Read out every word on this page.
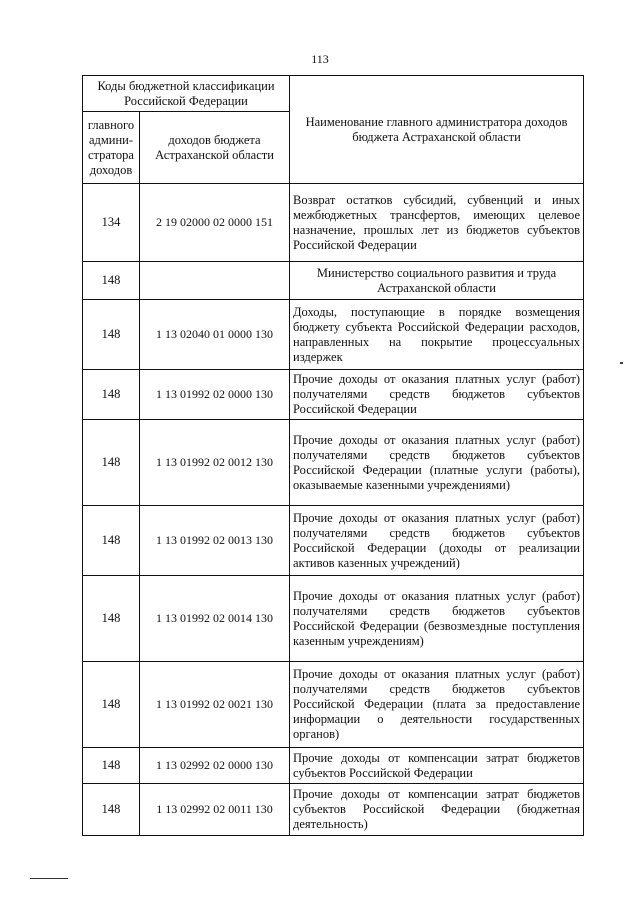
113
Коды бюджетной классификации Российской Федерации		Наименование главного администратора доходов бюджета Астраханской области
главного админи-стратора доходов	доходов бюджета Астраханской области	
134	2 19 02000 02 0000 151	Возврат остатков субсидий, субвенций и иных межбюджетных трансфертов, имеющих целевое назначение, прошлых лет из бюджетов субъектов Российской Федерации
148		Министерство социального развития и труда Астраханской области
148	1 13 02040 01 0000 130	Доходы, поступающие в порядке возмещения бюджету субъекта Российской Федерации расходов, направленных на покрытие процессуальных издержек
148	1 13 01992 02 0000 130	Прочие доходы от оказания платных услуг (работ) получателями средств бюджетов субъектов Российской Федерации
148	1 13 01992 02 0012 130	Прочие доходы от оказания платных услуг (работ) получателями средств бюджетов субъектов Российской Федерации (платные услуги (работы), оказываемые казенными учреждениями)
148	1 13 01992 02 0013 130	Прочие доходы от оказания платных услуг (работ) получателями средств бюджетов субъектов Российской Федерации (доходы от реализации активов казенных учреждений)
148	1 13 01992 02 0014 130	Прочие доходы от оказания платных услуг (работ) получателями средств бюджетов субъектов Российской Федерации (безвозмездные поступления казенным учреждениям)
148	1 13 01992 02 0021 130	Прочие доходы от оказания платных услуг (работ) получателями средств бюджетов субъектов Российской Федерации (плата за предоставление информации о деятельности государственных органов)
148	1 13 02992 02 0000 130	Прочие доходы от компенсации затрат бюджетов субъектов Российской Федерации
148	1 13 02992 02 0011 130	Прочие доходы от компенсации затрат бюджетов субъектов Российской Федерации (бюджетная деятельность)
